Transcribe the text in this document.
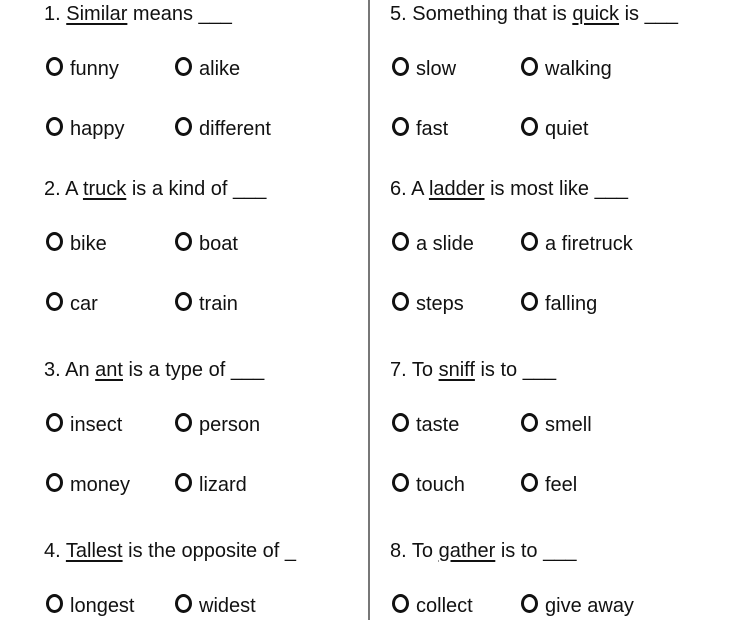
1. Similar means ___
funny	alike
happy	different
2. A truck is a kind of ___
bike	boat
car	train
3. An ant is a type of ___
insect	person
money	lizard
4. Tallest is the opposite of _
longest	widest
5. Something that is quick is ___
slow	walking
fast	quiet
6. A ladder is most like ___
a slide	a firetruck
steps	falling
7. To sniff is to ___
taste	smell
touch	feel
8. To gather is to ___
collect	give away
